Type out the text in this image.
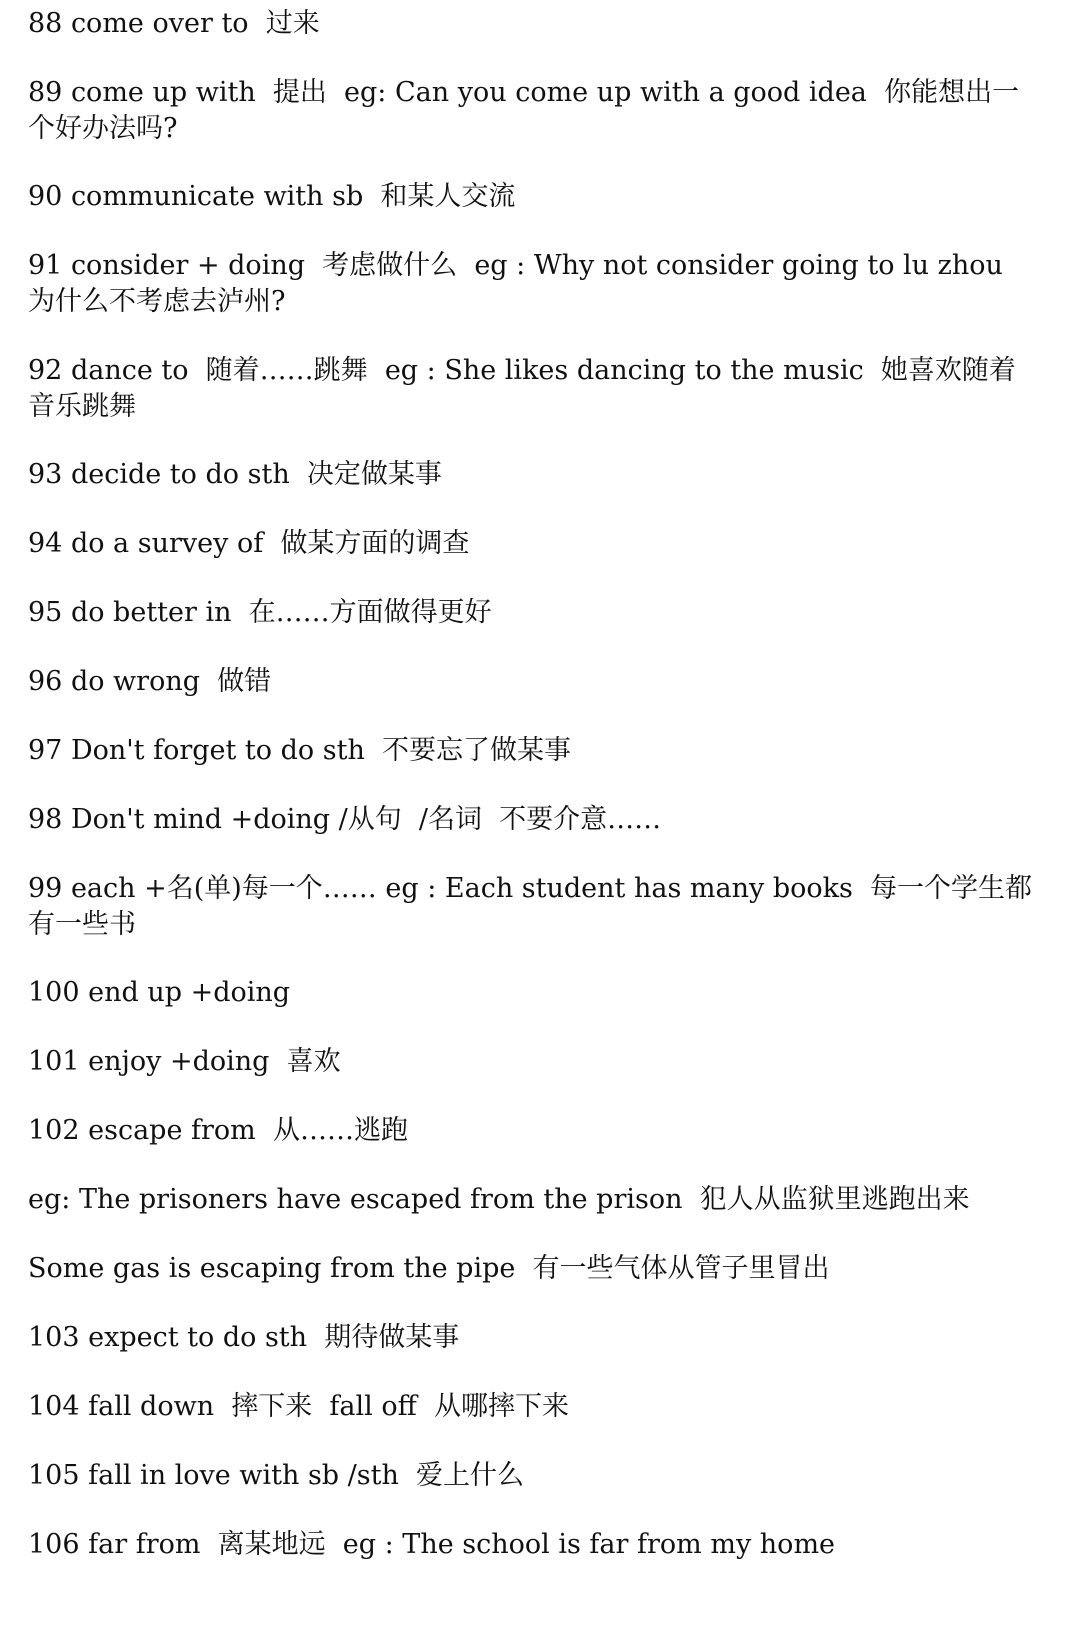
88 come over to  过来

89 come up with  提出  eg: Can you come up with a good idea  你能想出一个好办法吗?

90 communicate with sb  和某人交流

91 consider + doing  考虑做什么  eg : Why not consider going to lu zhou  为什么不考虑去泸州?

92 dance to  随着……跳舞  eg : She likes dancing to the music  她喜欢随着音乐跳舞

93 decide to do sth  决定做某事

94 do a survey of  做某方面的调查

95 do better in  在……方面做得更好

96 do wrong  做错

97 Don't forget to do sth  不要忘了做某事

98 Don't mind +doing /从句  /名词  不要介意……

99 each +名(单)每一个…… eg : Each student has many books  每一个学生都有一些书

100 end up +doing

101 enjoy +doing  喜欢

102 escape from  从……逃跑

eg: The prisoners have escaped from the prison  犯人从监狱里逃跑出来

Some gas is escaping from the pipe  有一些气体从管子里冒出

103 expect to do sth  期待做某事

104 fall down  摔下来  fall off  从哪摔下来

105 fall in love with sb /sth  爱上什么

106 far from  离某地远  eg : The school is far from my home
